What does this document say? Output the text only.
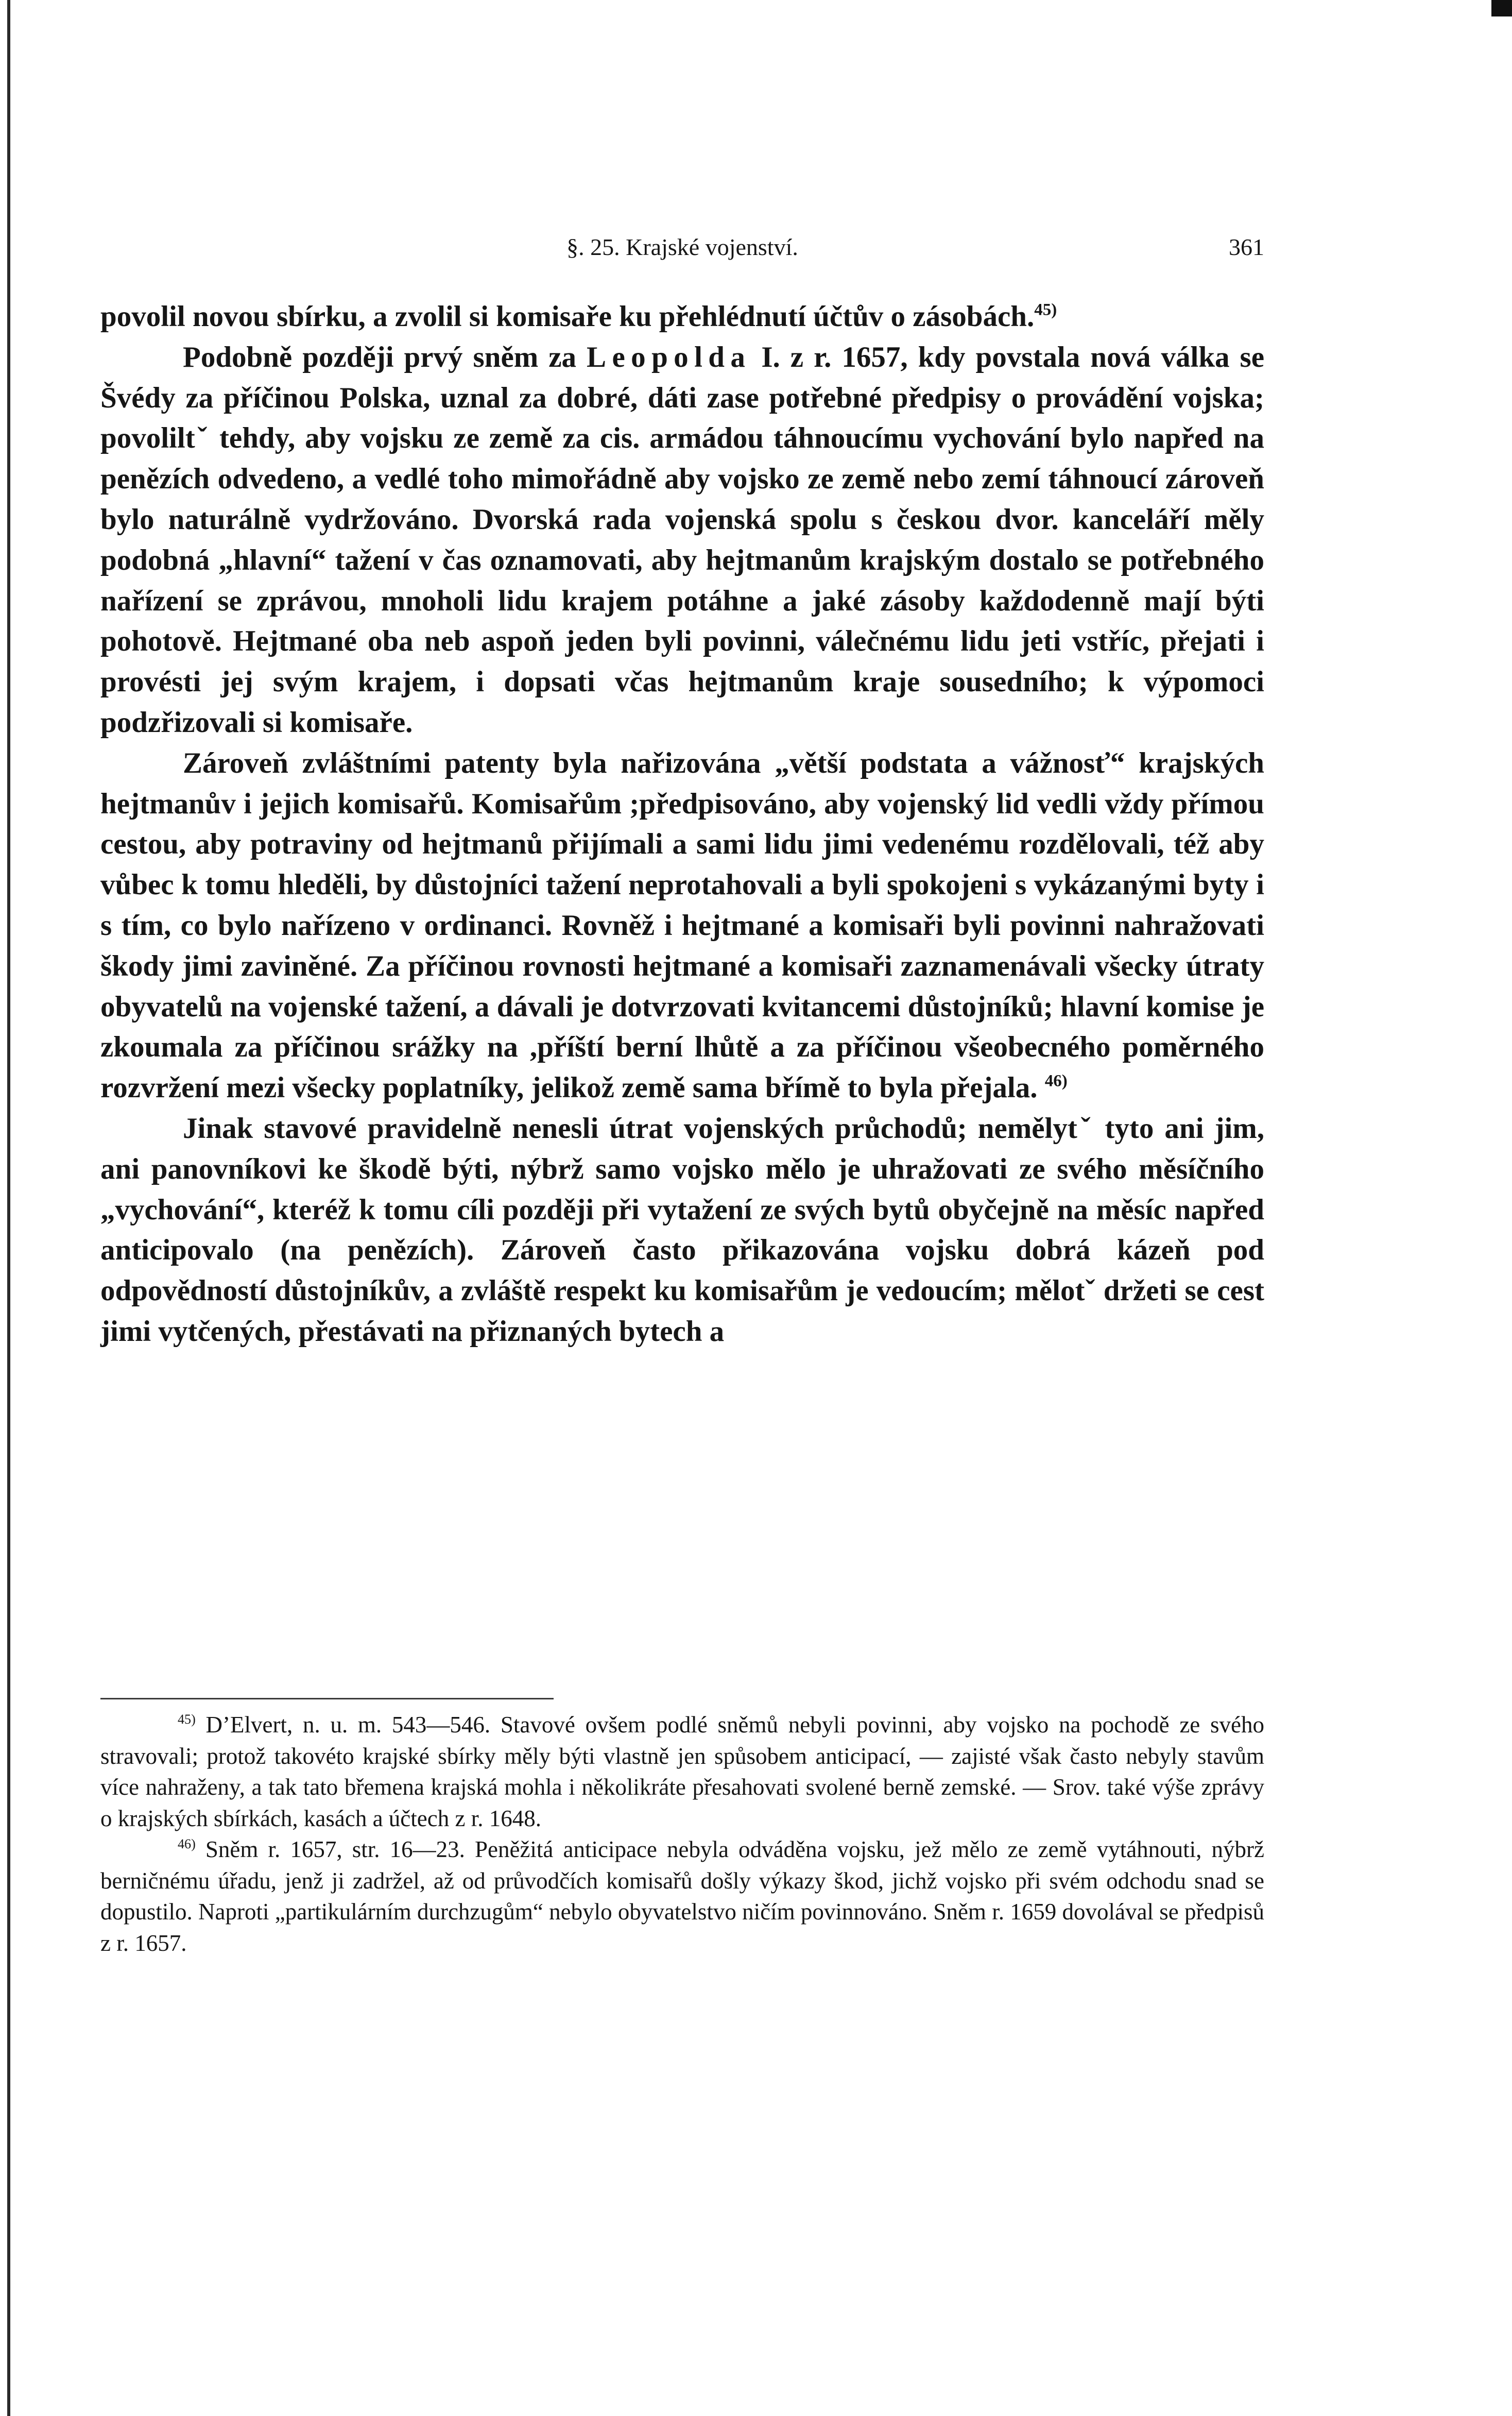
§. 25. Krajské vojenství.	361

povolil novou sbírku, a zvolil si komisaře ku přehlédnutí účtův o zásobách.$^{45)}$

Podobně později prvý sněm za Leopolda I. z r. 1657, kdy povstala nová válka se Švédy za příčinou Polska, uznal za dobré, dáti zase potřebné předpisy o provádění vojska; povoliltˇ tehdy, aby vojsku ze země za cis. armádou táhnoucímu vychování bylo napřed na penězích odvedeno, a vedlé toho mimořádně aby vojsko ze země nebo zemí táhnoucí zároveň bylo naturálně vydržováno. Dvorská rada vojenská spolu s českou dvor. kanceláří měly podobná „hlavní“ tažení v čas oznamovati, aby hejtmanům krajským dostalo se potřebného nařízení se zprávou, mnoholi lidu krajem potáhne a jaké zásoby každodenně mají býti pohotově. Hejtmané oba neb aspoň jeden byli povinni, válečnému lidu jeti vstříc, přejati i provésti jej svým krajem, i dopsati včas hejtmanům kraje sousedního; k výpomoci podzřizovali si komisaře.

Zároveň zvláštními patenty byla nařizována „větší podstata a vážnosť“ krajských hejtmanův i jejich komisařů. Komisařům ;předpisováno, aby vojenský lid vedli vždy přímou cestou, aby potraviny od hejtmanů přijímali a sami lidu jimi vedenému rozdělovali, též aby vůbec k tomu hleděli, by důstojníci tažení neprotahovali a byli spokojeni s vykázanými byty i s tím, co bylo nařízeno v ordinanci. Rovněž i hejtmané a komisaři byli povinni nahražovati škody jimi zaviněné. Za příčinou rovnosti hejtmané a komisaři zaznamenávali všecky útraty obyvatelů na vojenské tažení, a dávali je dotvrzovati kvitancemi důstojníků; hlavní komise je zkoumala za příčinou srážky na ,příští berní lhůtě a za příčinou všeobecného poměrného rozvržení mezi všecky poplatníky, jelikož země sama břímě to byla přejala. $^{46)}$

Jinak stavové pravidelně nenesli útrat vojenských průchodů; nemělytˇ tyto ani jim, ani panovníkovi ke škodě býti, nýbrž samo vojsko mělo je uhražovati ze svého měsíčního „vychování“, kteréž k tomu cíli později při vytažení ze svých bytů obyčejně na měsíc napřed anticipovalo (na penězích). Zároveň často přikazována vojsku dobrá kázeň pod odpovědností důstojníkův, a zvláště respekt ku komisařům je vedoucím; mělotˇ držeti se cest jimi vytčených, přestávati na přiznaných bytech a

$^{45)}$ D’Elvert, n. u. m. 543—546. Stavové ovšem podlé sněmů nebyli povinni, aby vojsko na pochodě ze svého stravovali; protož takovéto krajské sbírky měly býti vlastně jen spůsobem anticipací, — zajisté však často nebyly stavům více nahraženy, a tak tato břemena krajská mohla i několikráte přesahovati svolené berně zemské. — Srov. také výše zprávy o krajských sbírkách, kasách a účtech z r. 1648.

$^{46)}$ Sněm r. 1657, str. 16—23. Peněžitá anticipace nebyla odváděna vojsku, jež mělo ze země vytáhnouti, nýbrž berničnému úřadu, jenž ji zadržel, až od průvodčích komisařů došly výkazy škod, jichž vojsko při svém odchodu snad se dopustilo. Naproti „partikulárním durchzugům“ nebylo obyvatelstvo ničím povinnováno. Sněm r. 1659 dovolával se předpisů z r. 1657.
